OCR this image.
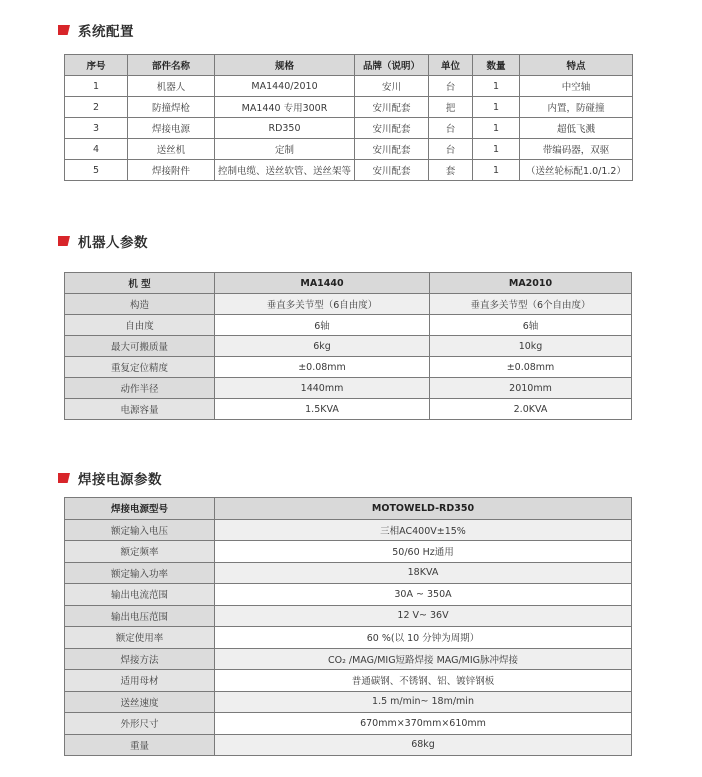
系统配置
序号	部件名称	规格	品牌（说明）	单位	数量	特点
1	机器人	MA1440/2010	安川	台	1	中空轴
2	防撞焊枪	MA1440 专用300R	安川配套	把	1	内置，防碰撞
3	焊接电源	RD350	安川配套	台	1	超低飞溅
4	送丝机	定制	安川配套	台	1	带编码器，双驱
5	焊接附件	控制电缆、送丝软管、送丝架等	安川配套	套	1	（送丝轮标配1.0/1.2）
机器人参数
机 型	MA1440	MA2010
构造	垂直多关节型（6自由度）	垂直多关节型（6个自由度）
自由度	6轴	6轴
最大可搬质量	6kg	10kg
重复定位精度	±0.08mm	±0.08mm
动作半径	1440mm	2010mm
电源容量	1.5KVA	2.0KVA
焊接电源参数
焊接电源型号	MOTOWELD-RD350
额定输入电压	三相AC400V±15%
额定频率	50/60 Hz通用
额定输入功率	18KVA
输出电流范围	30A ~ 350A
输出电压范围	12 V~ 36V
额定使用率	60 %(以 10 分钟为周期）
焊接方法	CO₂ /MAG/MIG短路焊接 MAG/MIG脉冲焊接
适用母材	普通碳钢、不锈钢、铝、镀锌钢板
送丝速度	1.5 m/min~ 18m/min
外形尺寸	670mm×370mm×610mm
重量	68kg
